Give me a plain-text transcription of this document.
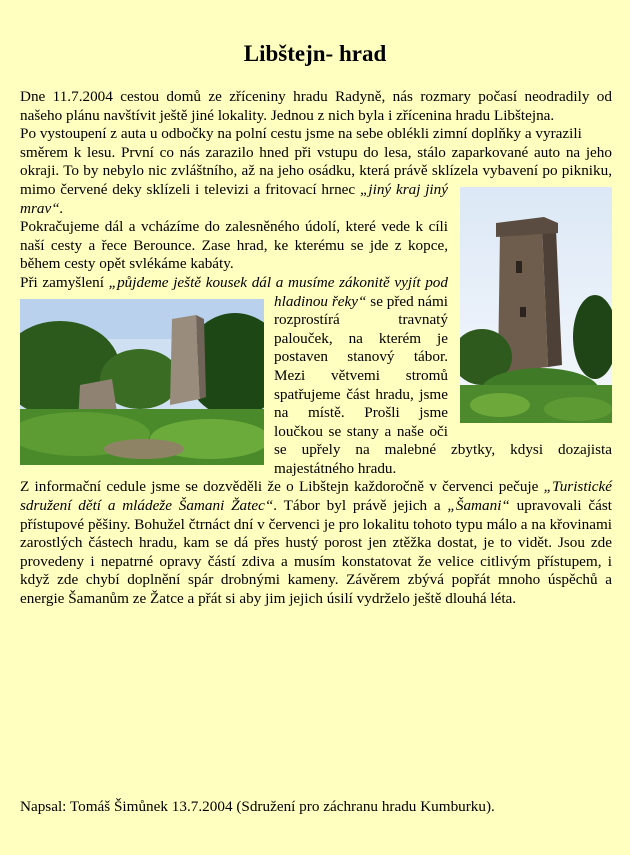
Libštejn- hrad

Dne 11.7.2004 cestou domů ze zříceniny hradu Radyně, nás rozmary počasí neodradily od našeho plánu navštívit ještě jiné lokality. Jednou z nich byla i zřícenina hradu Libštejna.

Po vystoupení z auta u odbočky na polní cestu jsme na sebe oblékli zimní doplňky a vyrazili

směrem k lesu. První co nás zarazilo hned při vstupu do lesa, stálo zaparkované auto na jeho okraji. To by nebylo nic zvláštního, až na jeho osádku, která právě sklízela vybavení po pikniku, mimo červené deky sklízeli i televizi a fritovací hrnec
„jiný kraj jiný mrav“.

Pokračujeme dál a vcházíme do zalesněného údolí, které vede k cíli naší cesty a řece Berounce. Zase hrad, ke kterému se jde z kopce, během cesty opět svlékáme kabáty.

Při zamyšlení „půjdeme ještě kousek dál a musíme zákonitě vyjít pod hladinou řeky“
se před námi rozprostírá travnatý palouček, na kterém je postaven stanový tábor. Mezi větvemi stromů spatřujeme část hradu, jsme na místě. Prošli jsme loučkou se stany a naše oči se upřely na malebné zbytky, kdysi dozajista majestátného hradu.

Z informační cedule jsme se dozvěděli že o Libštejn každoročně v červenci pečuje „Turistické sdružení dětí a mládeže Šamani Žatec“. Tábor byl právě jejich a „Šamani“ upravovali část přístupové pěšiny. Bohužel čtrnáct dní v červenci je pro lokalitu tohoto typu málo a na křovinami zarostlých částech hradu, kam se dá přes hustý porost jen ztěžka dostat, je to vidět. Jsou zde provedeny i nepatrné opravy částí zdiva a musím konstatovat že velice citlivým přístupem, i když zde chybí doplnění spár drobnými kameny. Závěrem zbývá popřát mnoho úspěchů a energie Šamanům ze Žatce a přát si aby jim jejich úsilí vydrželo ještě dlouhá léta.

Napsal: Tomáš Šimůnek 13.7.2004 (Sdružení pro záchranu hradu Kumburku).
